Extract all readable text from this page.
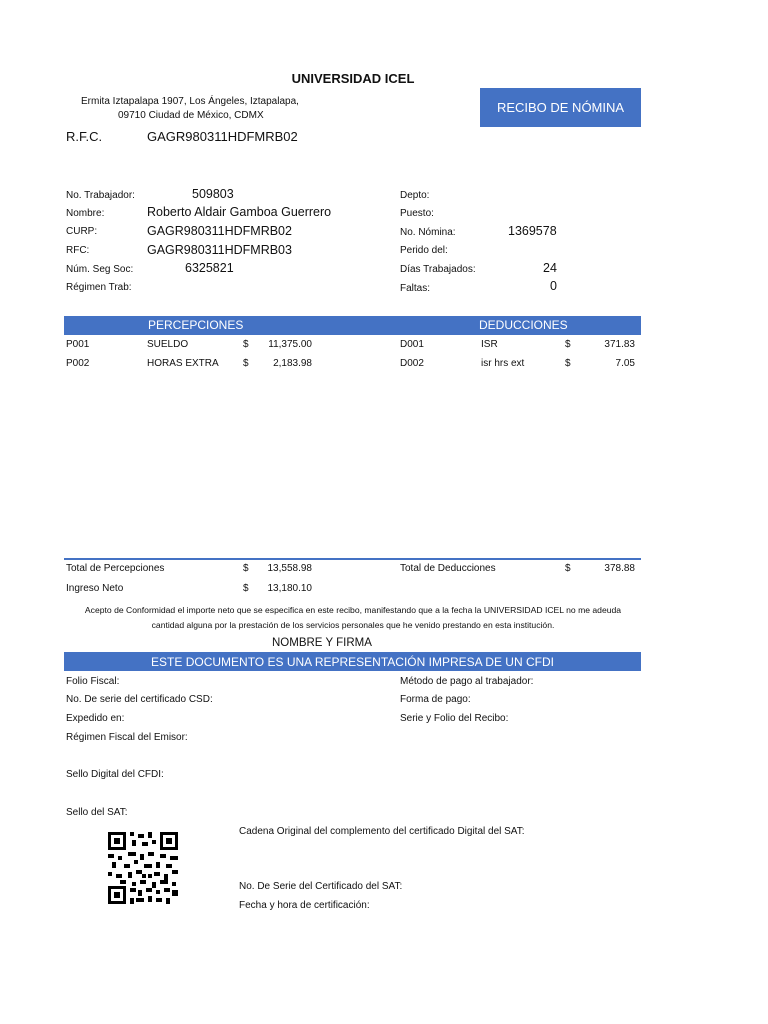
UNIVERSIDAD ICEL
Ermita Iztapalapa 1907, Los Ángeles, Iztapalapa,
09710 Ciudad de México, CDMX
R.F.C.	GAGR980311HDFMRB02
RECIBO DE NÓMINA
No. Trabajador:	509803
Nombre:	Roberto Aldair Gamboa Guerrero
CURP:	GAGR980311HDFMRB02
RFC:	GAGR980311HDFMRB03
Núm. Seg Soc:	6325821
Régimen Trab:
Depto:
Puesto:
No. Nómina:	1369578
Perido del:
Días Trabajados:	24
Faltas:	0
PERCEPCIONES	DEDUCCIONES
P001	SUELDO	$	11,375.00
P002	HORAS EXTRA $	2,183.98
D001	ISR	$	371.83
D002	isr hrs ext	$	7.05
Total de Percepciones	$	13,558.98	Total de Deducciones	$	378.88
Ingreso Neto	$	13,180.10
Acepto de Conformidad el importe neto que se especifica en este recibo, manifestando que a la fecha la UNIVERSIDAD ICEL no me adeuda
cantidad alguna por la prestación de los servicios personales que he venido prestando en esta institución.
NOMBRE Y FIRMA
ESTE DOCUMENTO ES UNA REPRESENTACIÓN IMPRESA DE UN CFDI
Folio Fiscal:
No. De serie del certificado CSD:
Expedido en:
Régimen Fiscal del Emisor:
Método de pago al trabajador:
Forma de pago:
Serie y Folio del Recibo:
Sello Digital del CFDI:
Sello del SAT:
Cadena Original del complemento del certificado Digital del SAT:
No. De Serie del Certificado del SAT:
Fecha y hora de certificación:
